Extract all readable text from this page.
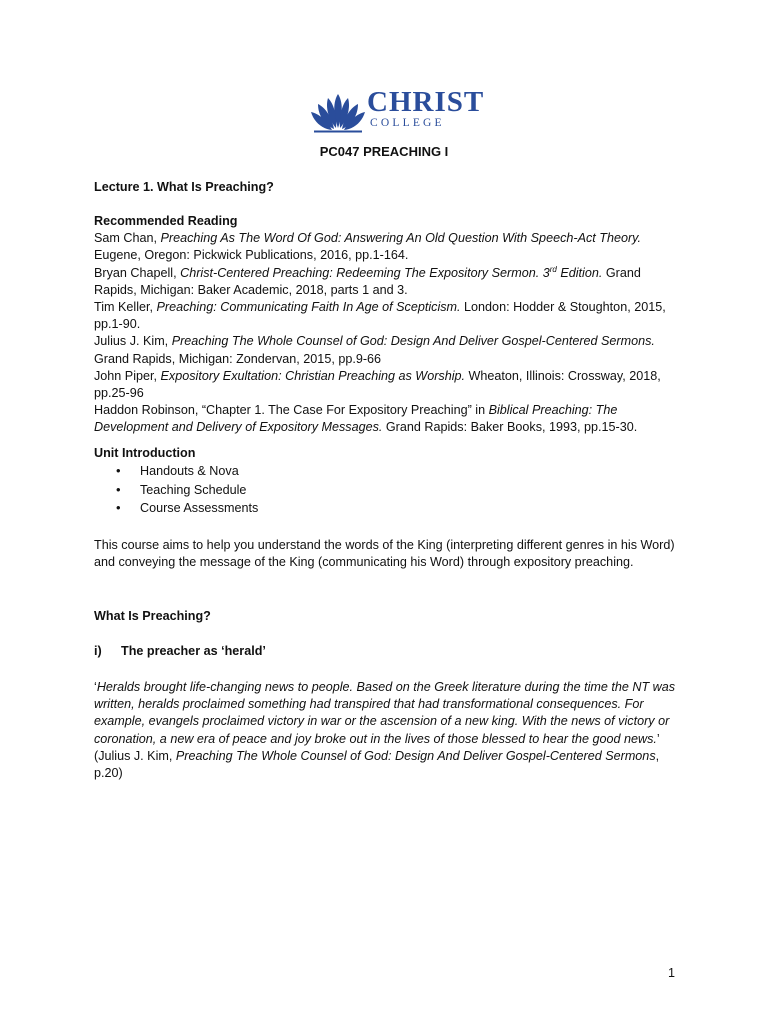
CHRIST
COLLEGE
PC047 PREACHING I
Lecture 1. What Is Preaching?
Recommended Reading

Sam Chan, Preaching As The Word Of God: Answering An Old Question With Speech-Act Theory. Eugene, Oregon: Pickwick Publications, 2016, pp.1-164.

Bryan Chapell, Christ-Centered Preaching: Redeeming The Expository Sermon. 3rd Edition. Grand Rapids, Michigan: Baker Academic, 2018, parts 1 and 3.

Tim Keller, Preaching: Communicating Faith In Age of Scepticism. London: Hodder & Stoughton, 2015, pp.1-90.

Julius J. Kim, Preaching The Whole Counsel of God: Design And Deliver Gospel-Centered Sermons. Grand Rapids, Michigan: Zondervan, 2015, pp.9-66

John Piper, Expository Exultation: Christian Preaching as Worship. Wheaton, Illinois: Crossway, 2018, pp.25-96

Haddon Robinson, “Chapter 1. The Case For Expository Preaching” in Biblical Preaching: The Development and Delivery of Expository Messages. Grand Rapids: Baker Books, 1993, pp.15-30.

Unit Introduction
• Handouts & Nova
• Teaching Schedule
• Course Assessments
This course aims to help you understand the words of the King (interpreting different genres in his Word) and conveying the message of the King (communicating his Word) through expository preaching.
What Is Preaching?
i) The preacher as ‘herald’
‘Heralds brought life-changing news to people. Based on the Greek literature during the time the NT was written, heralds proclaimed something had transpired that had transformational consequences. For example, evangels proclaimed victory in war or the ascension of a new king. With the news of victory or coronation, a new era of peace and joy broke out in the lives of those blessed to hear the good news.’ (Julius J. Kim, Preaching The Whole Counsel of God: Design And Deliver Gospel-Centered Sermons, p.20)
1
